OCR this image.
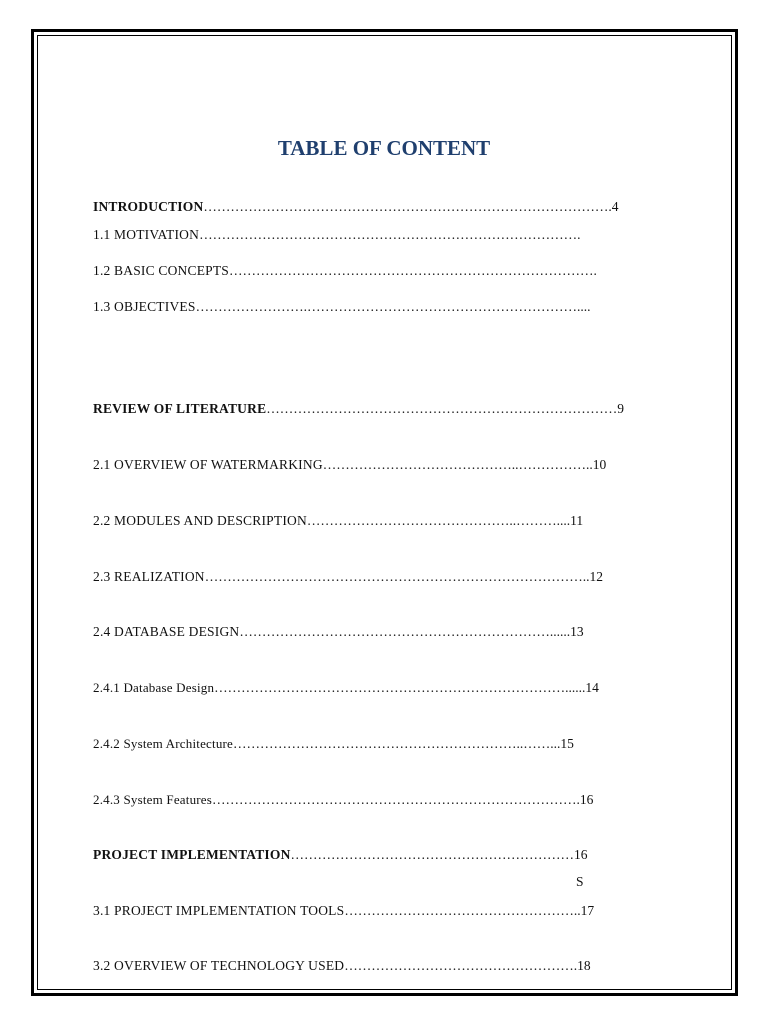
TABLE OF CONTENT
INTRODUCTION……………………………………………………………………………….4
1.1 MOTIVATION………………………………………………………………………….
1.2 BASIC CONCEPTS……………………………………………………………………….
1.3 OBJECTIVES…………………….……………………………………………………....
REVIEW OF LITERATURE……………………………………………………………………9
2.1 OVERVIEW OF WATERMARKING……………………………………..……………..10
2.2 MODULES AND DESCRIPTION………………………………………..………....11
2.3 REALIZATION…………………………………………………………………………..12
2.4 DATABASE DESIGN……………………………………………………………......13
2.4.1 Database Design……………………………………………………………………......14
2.4.2 System Architecture………………………………………………………..……...15
2.4.3 System Features……………………………………………………………………….16
PROJECT IMPLEMENTATION………………………………………………………16
S
3.1 PROJECT IMPLEMENTATION TOOLS……………………………………………..17
3.2 OVERVIEW OF TECHNOLOGY USED…………………………………………….18
